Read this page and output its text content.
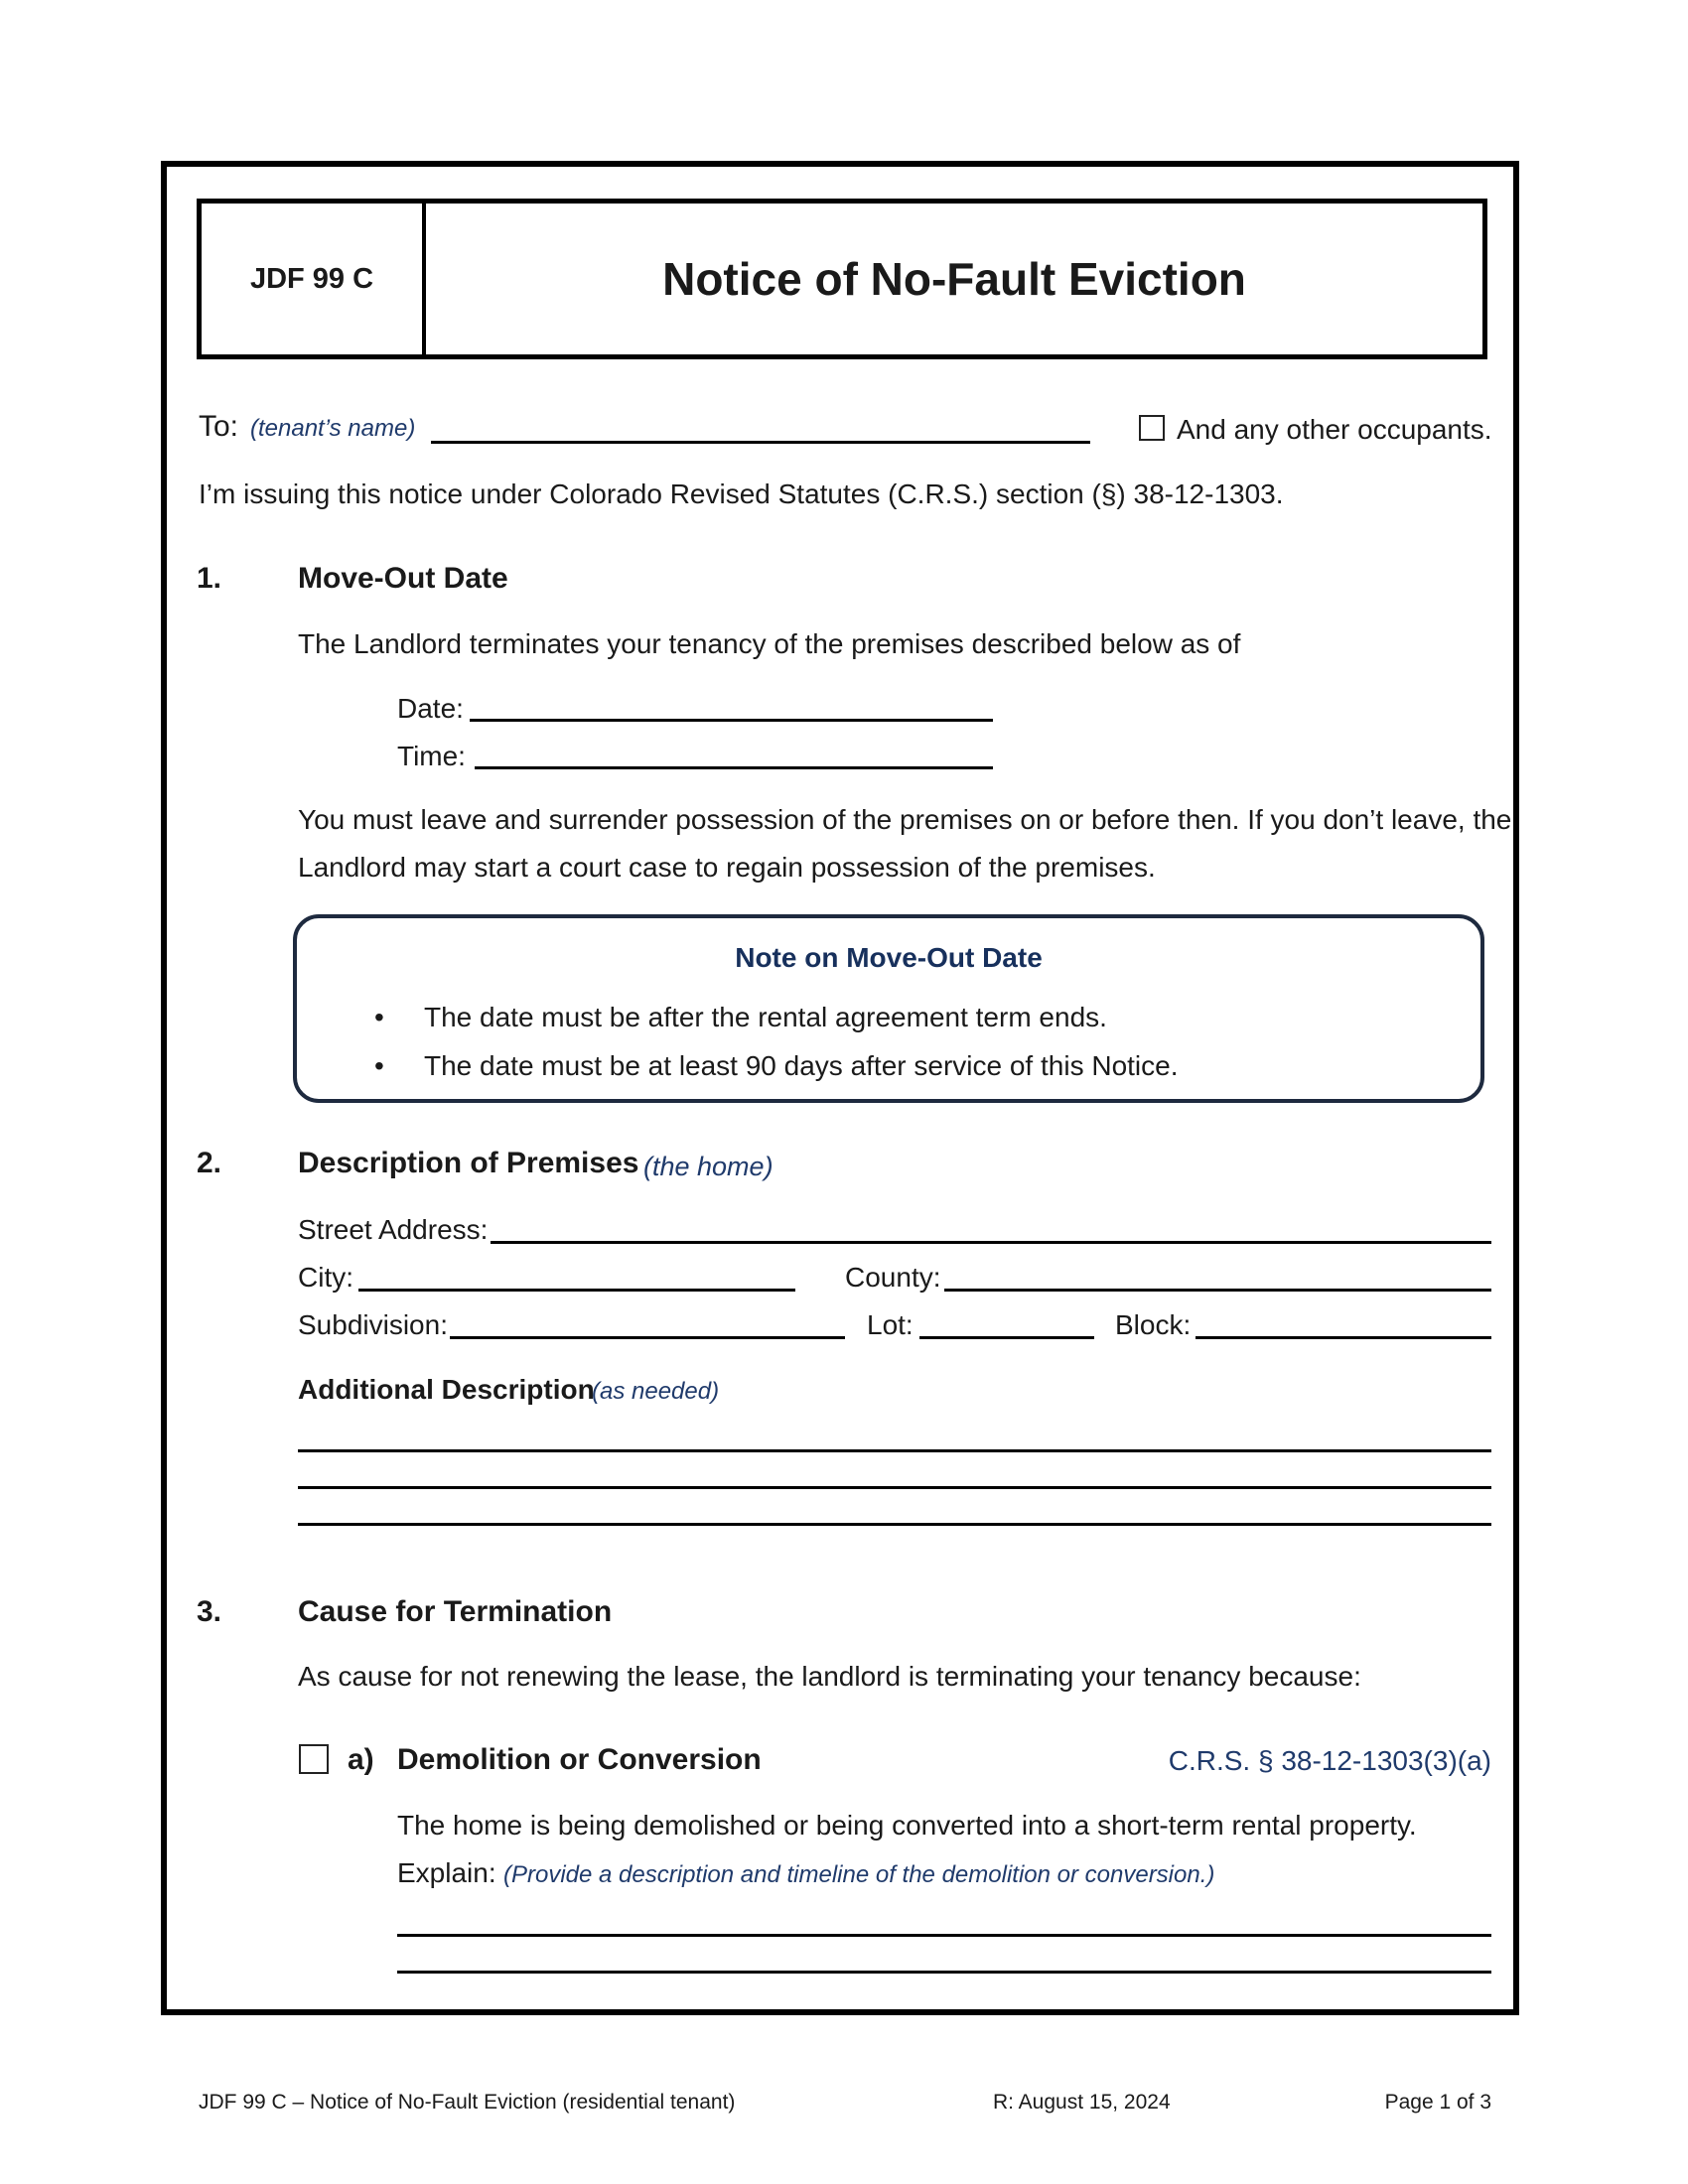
JDF 99 C	Notice of No-Fault Eviction
To: (tenant’s name)	And any other occupants.
I’m issuing this notice under Colorado Revised Statutes (C.R.S.) section (§) 38-12-1303.
1.	Move-Out Date
The Landlord terminates your tenancy of the premises described below as of
Date:
Time:
You must leave and surrender possession of the premises on or before then. If you don’t leave, the
Landlord may start a court case to regain possession of the premises.
Note on Move-Out Date
• The date must be after the rental agreement term ends.
• The date must be at least 90 days after service of this Notice.
2.	Description of Premises (the home)
Street Address:
City:	County:
Subdivision:	Lot:	Block:
Additional Description
(as needed)
3.	Cause for Termination
As cause for not renewing the lease, the landlord is terminating your tenancy because:
a) Demolition or Conversion	C.R.S. § 38-12-1303(3)(a)
The home is being demolished or being converted into a short-term rental property.
Explain: (Provide a description and timeline of the demolition or conversion.)
JDF 99 C – Notice of No-Fault Eviction (residential tenant)	R: August 15, 2024	Page 1 of 3
